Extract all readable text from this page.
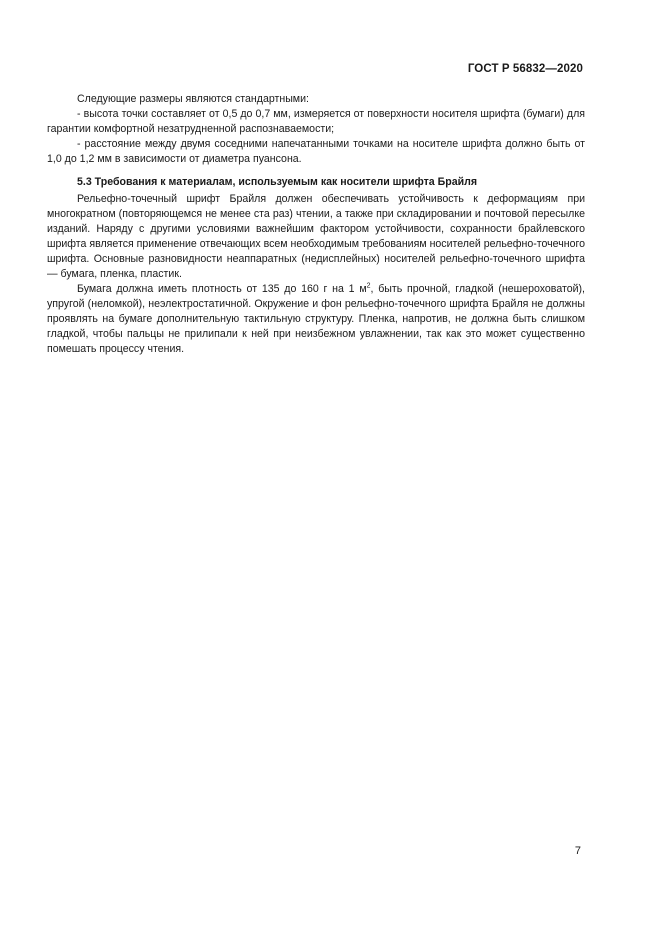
ГОСТ Р 56832—2020

Следующие размеры являются стандартными:

- высота точки составляет от 0,5 до 0,7 мм, измеряется от поверхности носителя шрифта (бумаги) для гарантии комфортной незатрудненной распознаваемости;

- расстояние между двумя соседними напечатанными точками на носителе шрифта должно быть от 1,0 до 1,2 мм в зависимости от диаметра пуансона.

5.3 Требования к материалам, используемым как носители шрифта Брайля

Рельефно-точечный шрифт Брайля должен обеспечивать устойчивость к деформациям при многократном (повторяющемся не менее ста раз) чтении, а также при складировании и почтовой пересылке изданий. Наряду с другими условиями важнейшим фактором устойчивости, сохранности брайлевского шрифта является применение отвечающих всем необходимым требованиям носителей рельефно-точечного шрифта. Основные разновидности неаппаратных (недисплейных) носителей рельефно-точечного шрифта — бумага, пленка, пластик.

Бумага должна иметь плотность от 135 до 160 г на 1 $м^2$, быть прочной, гладкой (нешероховатой), упругой (неломкой), неэлектростатичной. Окружение и фон рельефно-точечного шрифта Брайля не должны проявлять на бумаге дополнительную тактильную структуру. Пленка, напротив, не должна быть слишком гладкой, чтобы пальцы не прилипали к ней при неизбежном увлажнении, так как это может существенно помешать процессу чтения.

7
